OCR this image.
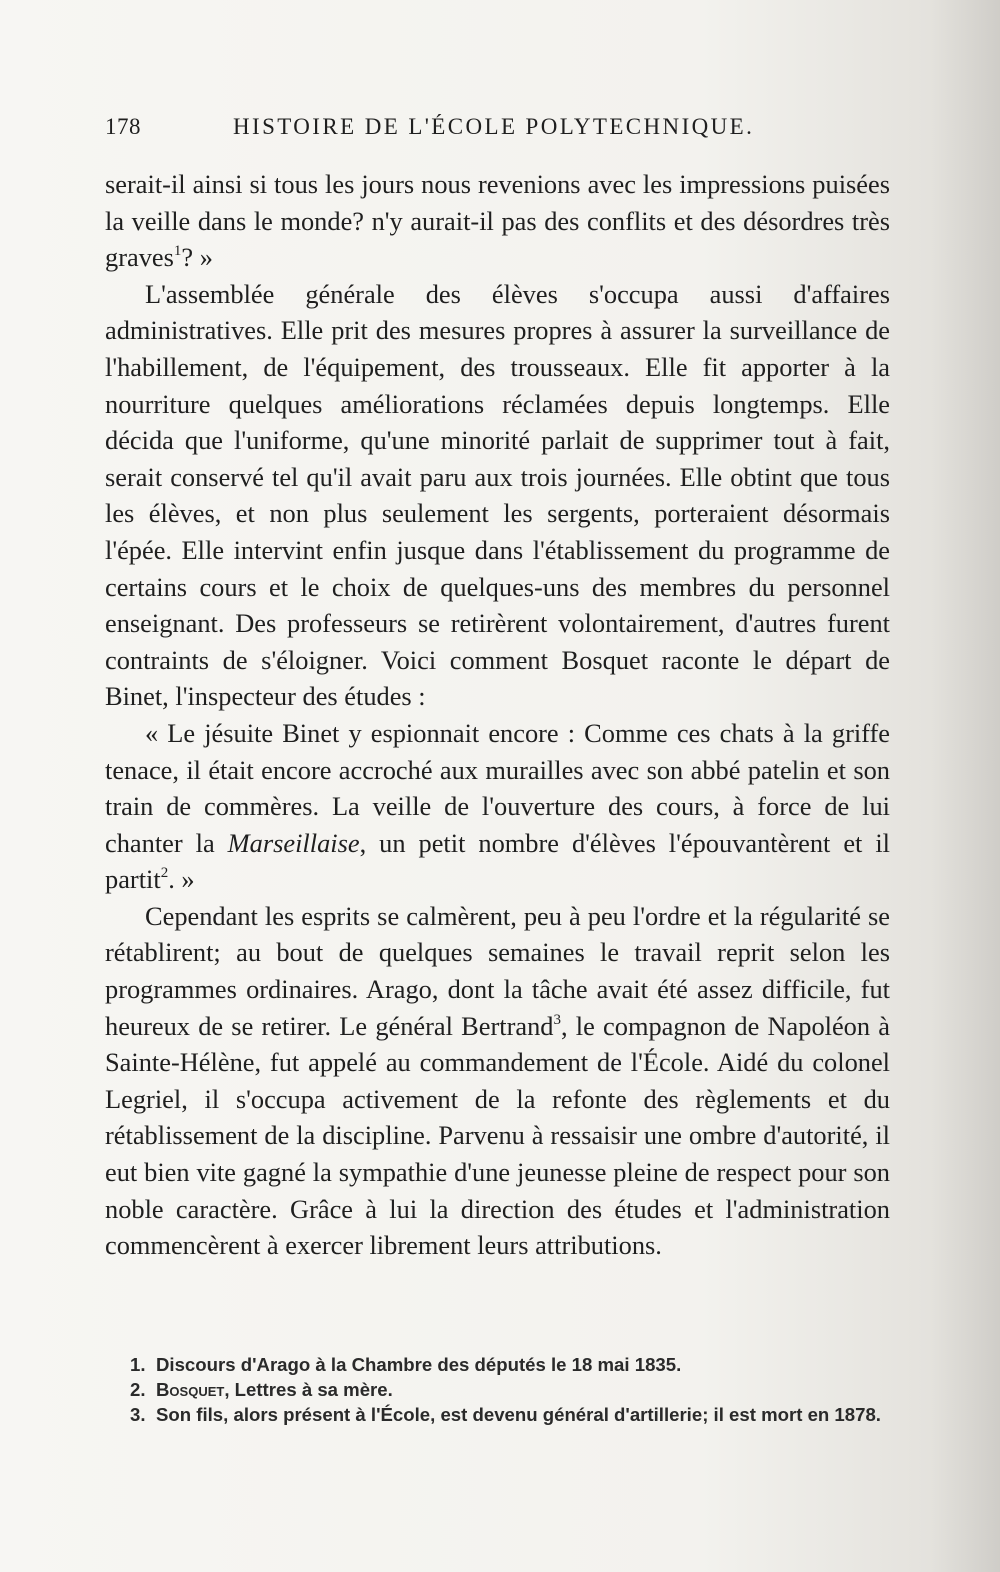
178	HISTOIRE DE L'ÉCOLE POLYTECHNIQUE.

serait-il ainsi si tous les jours nous revenions avec les impressions puisées la veille dans le monde? n'y aurait-il pas des conflits et des désordres très graves$^1$? »

L'assemblée générale des élèves s'occupa aussi d'affaires administratives. Elle prit des mesures propres à assurer la surveillance de l'habillement, de l'équipement, des trousseaux. Elle fit apporter à la nourriture quelques améliorations réclamées depuis longtemps. Elle décida que l'uniforme, qu'une minorité parlait de supprimer tout à fait, serait conservé tel qu'il avait paru aux trois journées. Elle obtint que tous les élèves, et non plus seulement les sergents, porteraient désormais l'épée. Elle intervint enfin jusque dans l'établissement du programme de certains cours et le choix de quelques-uns des membres du personnel enseignant. Des professeurs se retirèrent volontairement, d'autres furent contraints de s'éloigner. Voici comment Bosquet raconte le départ de Binet, l'inspecteur des études :

« Le jésuite Binet y espionnait encore : Comme ces chats à la griffe tenace, il était encore accroché aux murailles avec son abbé patelin et son train de commères. La veille de l'ouverture des cours, à force de lui chanter la Marseillaise, un petit nombre d'élèves l'épouvantèrent et il partit$^2$. »

Cependant les esprits se calmèrent, peu à peu l'ordre et la régularité se rétablirent; au bout de quelques semaines le travail reprit selon les programmes ordinaires. Arago, dont la tâche avait été assez difficile, fut heureux de se retirer. Le général Bertrand$^3$, le compagnon de Napoléon à Sainte-Hélène, fut appelé au commandement de l'École. Aidé du colonel Legriel, il s'occupa activement de la refonte des règlements et du rétablissement de la discipline. Parvenu à ressaisir une ombre d'autorité, il eut bien vite gagné la sympathie d'une jeunesse pleine de respect pour son noble caractère. Grâce à lui la direction des études et l'administration commencèrent à exercer librement leurs attributions.

1. Discours d'Arago à la Chambre des députés le 18 mai 1835.
2. Bosquet, Lettres à sa mère.
3. Son fils, alors présent à l'École, est devenu général d'artillerie; il est mort en 1878.
